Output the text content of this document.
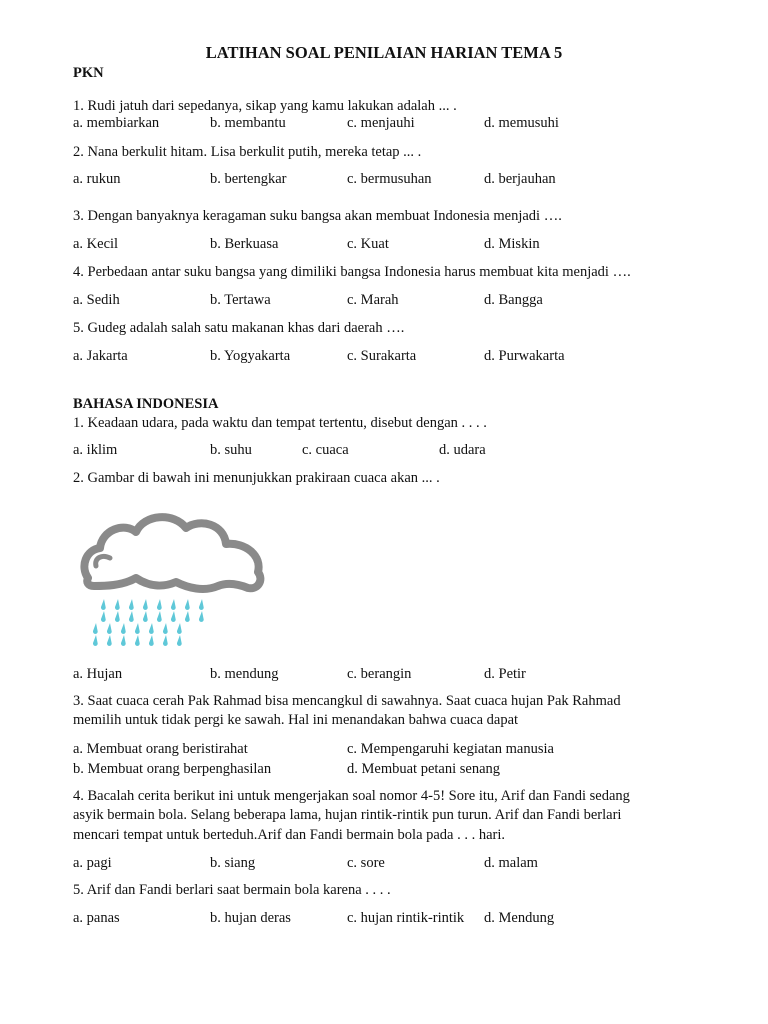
LATIHAN SOAL PENILAIAN HARIAN TEMA 5
PKN
1. Rudi jatuh dari sepedanya, sikap yang kamu lakukan adalah ... .
a. membiarkan	b. membantu	c. menjauhi	d. memusuhi
2. Nana berkulit hitam. Lisa berkulit putih, mereka tetap ... .
a. rukun	b. bertengkar	c. bermusuhan	d. berjauhan
3. Dengan banyaknya keragaman suku bangsa akan membuat Indonesia menjadi ….
a. Kecil	b. Berkuasa	c. Kuat	d. Miskin
4. Perbedaan antar suku bangsa yang dimiliki bangsa Indonesia harus membuat kita menjadi ….
a. Sedih	b. Tertawa	c. Marah	d. Bangga
5. Gudeg adalah salah satu makanan khas dari daerah ….
a. Jakarta	b. Yogyakarta	c. Surakarta	d. Purwakarta
BAHASA INDONESIA
1. Keadaan udara, pada waktu dan tempat tertentu, disebut dengan . . . .
a. iklim	b. suhu	c. cuaca	d. udara
2. Gambar di bawah ini menunjukkan prakiraan cuaca akan ... .
a. Hujan	b. mendung	c. berangin	d. Petir
3. Saat cuaca cerah Pak Rahmad bisa mencangkul di sawahnya. Saat cuaca hujan Pak Rahmad
memilih untuk tidak pergi ke sawah. Hal ini menandakan bahwa cuaca dapat
a. Membuat orang beristirahat	c. Mempengaruhi kegiatan manusia
b. Membuat orang berpenghasilan	d. Membuat petani senang
4. Bacalah cerita berikut ini untuk mengerjakan soal nomor 4-5! Sore itu, Arif dan Fandi sedang
asyik bermain bola. Selang beberapa lama, hujan rintik-rintik pun turun. Arif dan Fandi berlari
mencari tempat untuk berteduh.Arif dan Fandi bermain bola pada . . . hari.
a. pagi	b. siang	c. sore	d. malam
5. Arif dan Fandi berlari saat bermain bola karena . . . .
a. panas	b. hujan deras	c. hujan rintik-rintik d. Mendung
